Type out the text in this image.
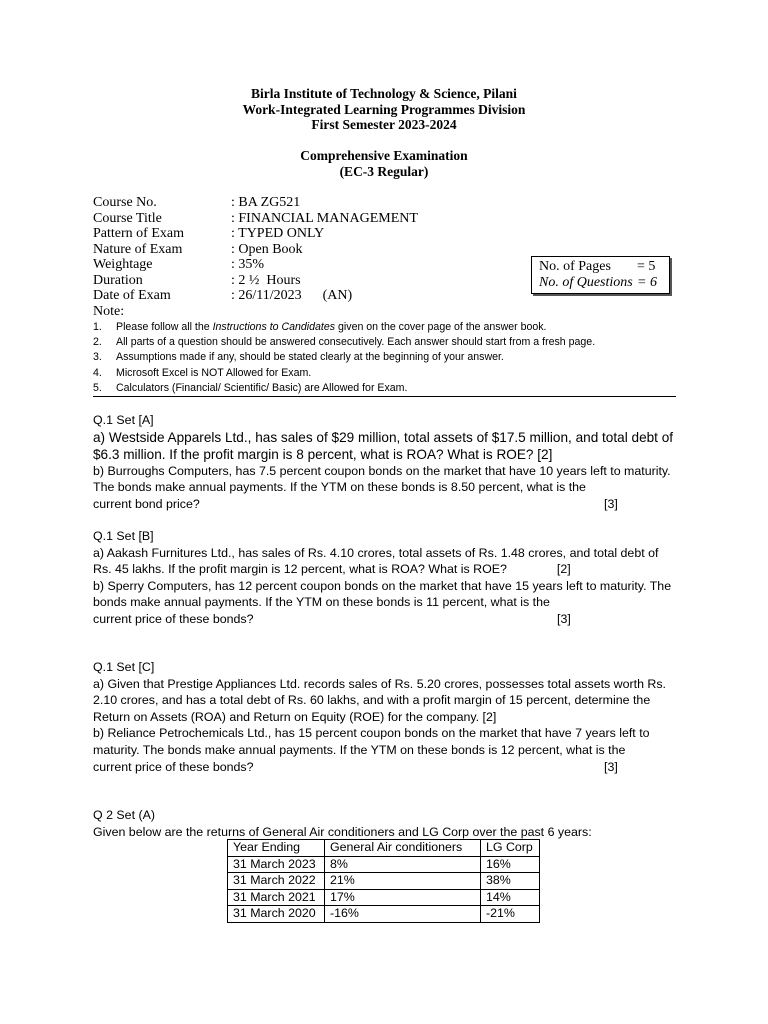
Birla Institute of Technology & Science, Pilani
Work-Integrated Learning Programmes Division
First Semester 2023-2024
Comprehensive Examination
(EC-3 Regular)
Course No.	: BA ZG521
Course Title	: FINANCIAL MANAGEMENT
Pattern of Exam	: TYPED ONLY
Nature of Exam	: Open Book
Weightage	: 35%
Duration	: 2 ½  Hours
Date of Exam	: 26/11/2023      (AN)
No. of Pages	= 5
No. of Questions = 6
Note:
1.	Please follow all the Instructions to Candidates given on the cover page of the answer book.
2.	All parts of a question should be answered consecutively. Each answer should start from a fresh page.
3.	Assumptions made if any, should be stated clearly at the beginning of your answer.
4.	Microsoft Excel is NOT Allowed for Exam.
5.	Calculators (Financial/ Scientific/ Basic) are Allowed for Exam.

Q.1 Set [A]

a) Westside Apparels Ltd., has sales of $29 million, total assets of $17.5 million, and total debt of $6.3 million. If the profit margin is 8 percent, what is ROA? What is ROE? [2]

b) Burroughs Computers, has 7.5 percent coupon bonds on the market that have 10 years left to maturity. The bonds make annual payments. If the YTM on these bonds is 8.50 percent, what is the

current bond price?	[3]

Q.1 Set [B]

a) Aakash Furnitures Ltd., has sales of Rs. 4.10 crores, total assets of Rs. 1.48 crores, and total debt of Rs. 45 lakhs. If the profit margin is 12 percent, what is ROA? What is ROE?	[2]

b) Sperry Computers, has 12 percent coupon bonds on the market that have 15 years left to maturity. The bonds make annual payments. If the YTM on these bonds is 11 percent, what is the

current price of these bonds?	[3]

Q.1 Set [C]

a) Given that Prestige Appliances Ltd. records sales of Rs. 5.20 crores, possesses total assets worth Rs. 2.10 crores, and has a total debt of Rs. 60 lakhs, and with a profit margin of 15 percent, determine the Return on Assets (ROA) and Return on Equity (ROE) for the company. [2]

b) Reliance Petrochemicals Ltd., has 15 percent coupon bonds on the market that have 7 years left to maturity. The bonds make annual payments. If the YTM on these bonds is 12 percent, what is the

current price of these bonds?	[3]

Q 2 Set (A)

Given below are the returns of General Air conditioners and LG Corp over the past 6 years:

Year Ending	General Air conditioners	LG Corp
31 March 2023	8%	16%
31 March 2022	21%	38%
31 March 2021	17%	14%
31 March 2020	-16%	-21%
